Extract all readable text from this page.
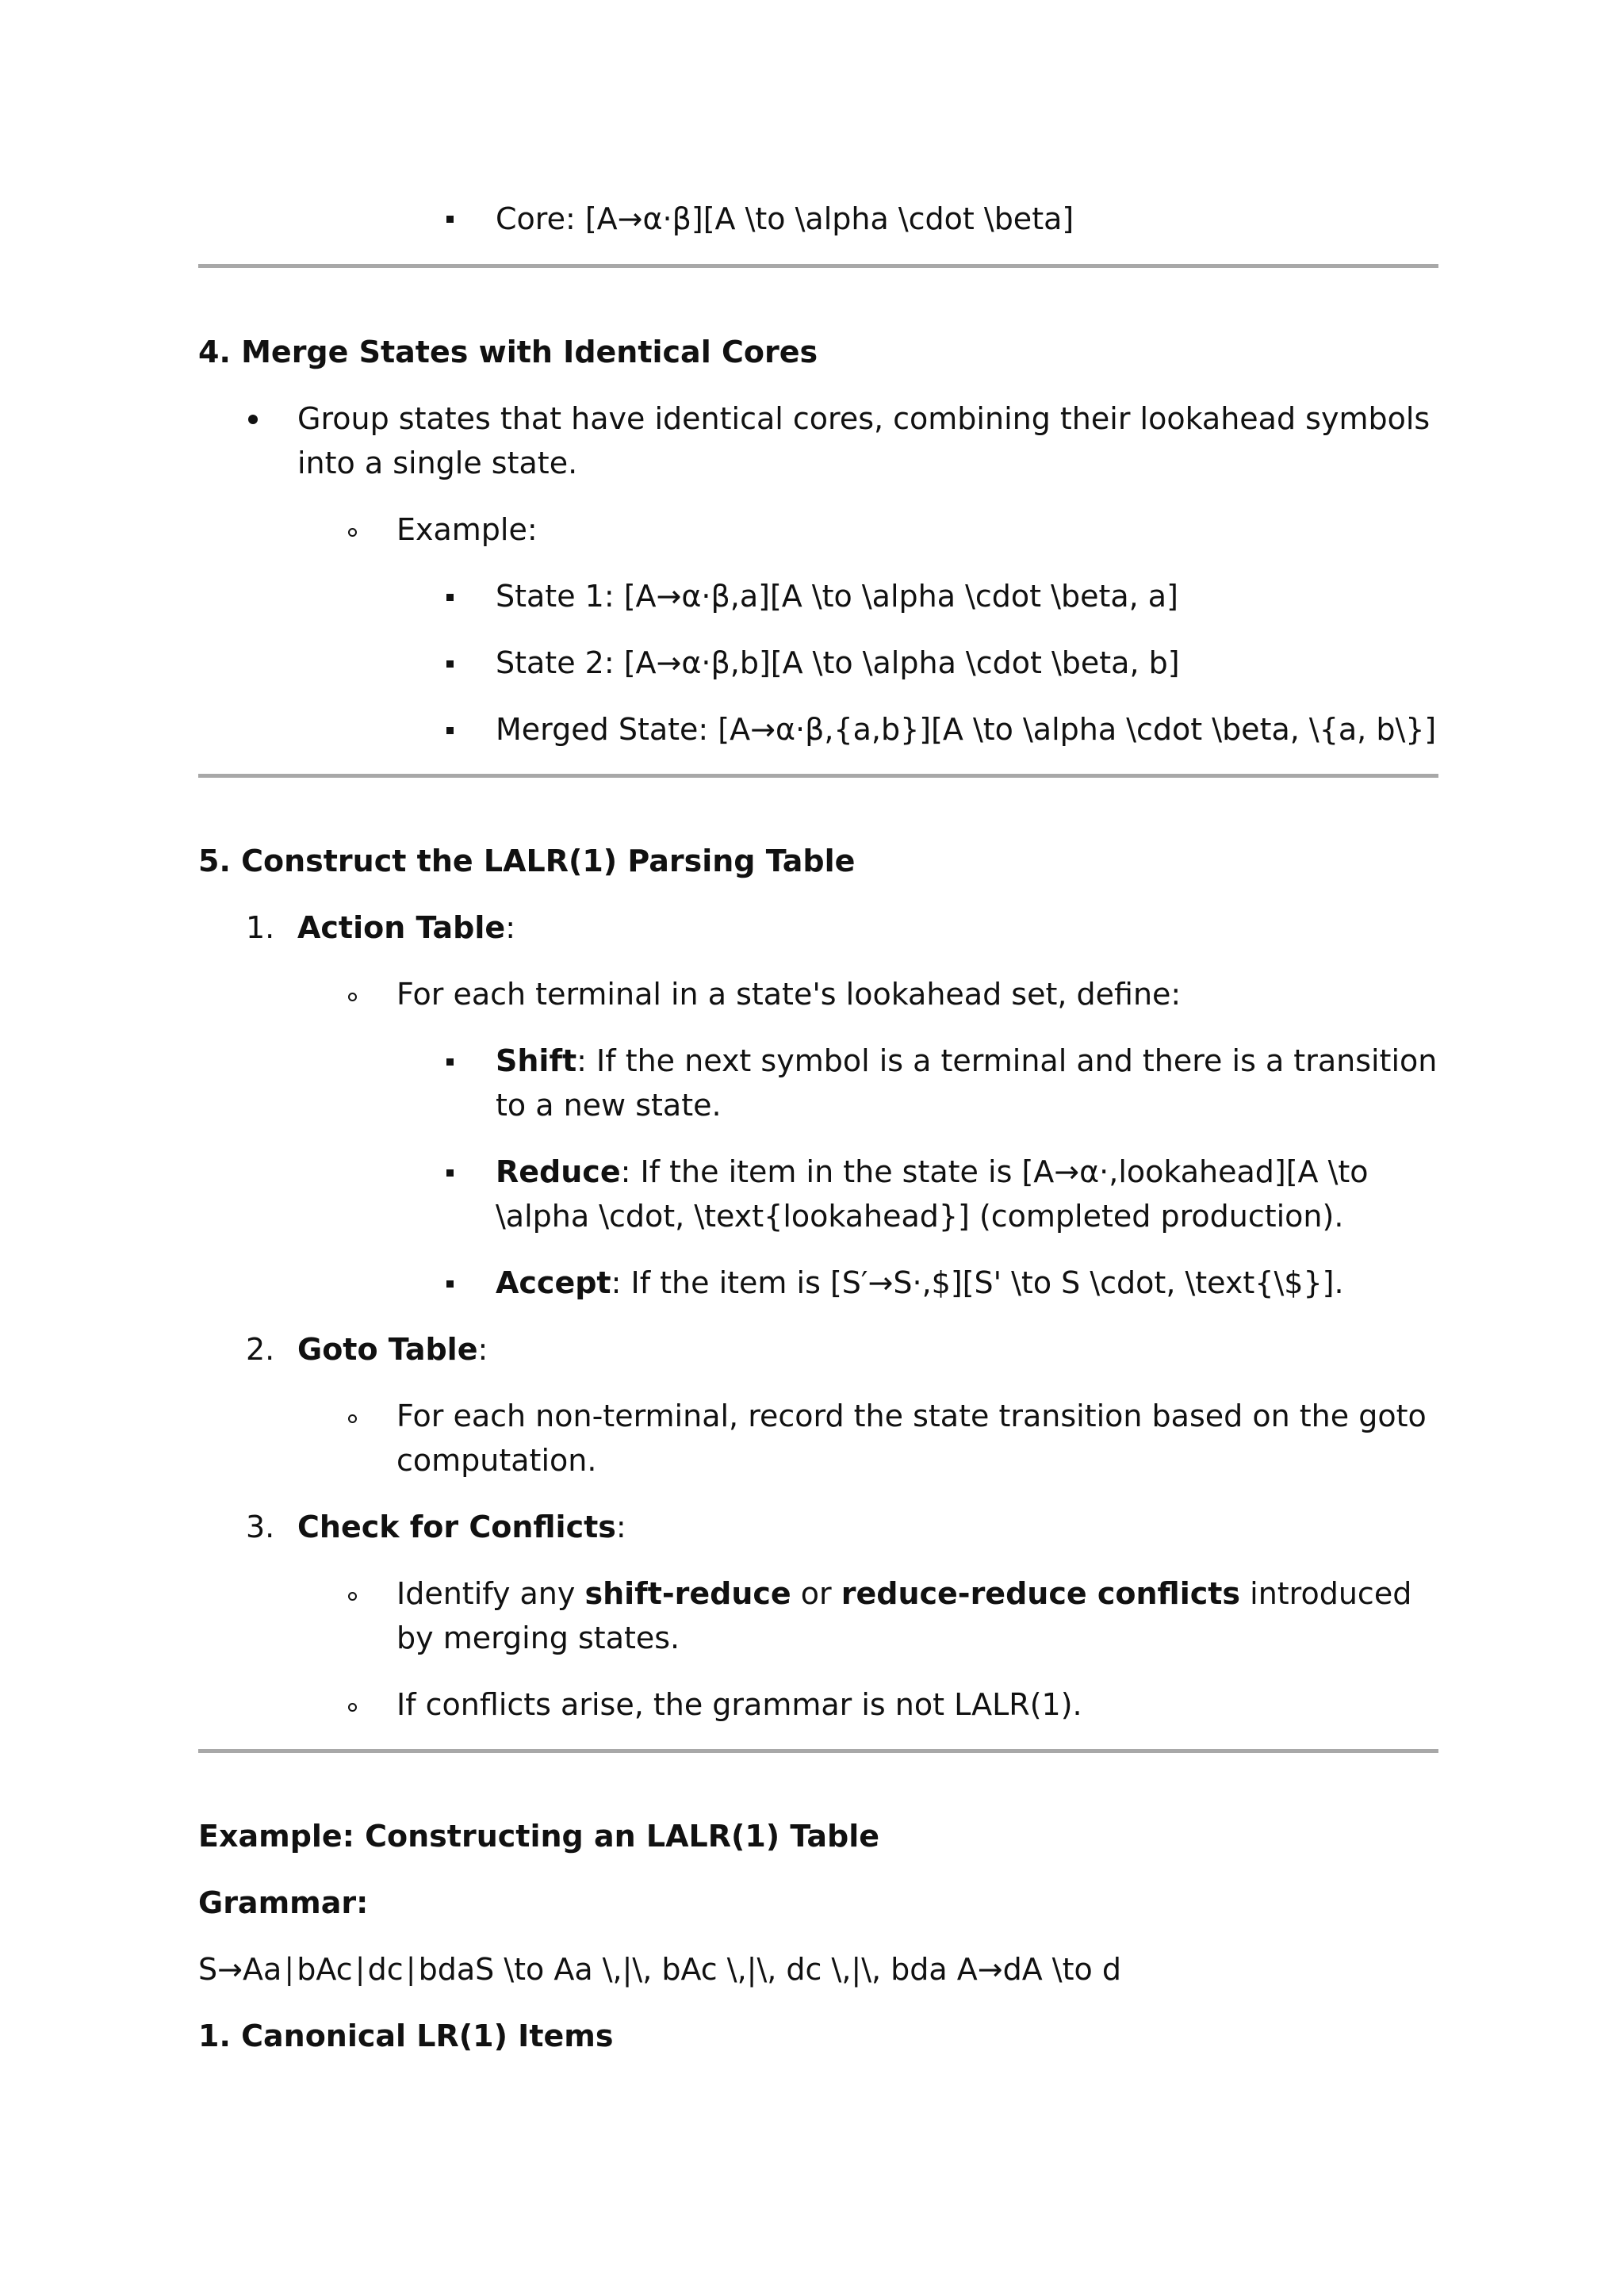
Core: [A→α·β][A \to \alpha \cdot \beta]
4. Merge States with Identical Cores
Group states that have identical cores, combining their lookahead symbols into a single state.
Example:
State 1: [A→α·β,a][A \to \alpha \cdot \beta, a]
State 2: [A→α·β,b][A \to \alpha \cdot \beta, b]
Merged State: [A→α·β,{a,b}][A \to \alpha \cdot \beta, \{a, b\}]
5. Construct the LALR(1) Parsing Table
1. Action Table:
For each terminal in a state's lookahead set, define:
Shift: If the next symbol is a terminal and there is a transition to a new state.
Reduce: If the item in the state is [A→α·,lookahead][A \to \alpha \cdot, \text{lookahead}] (completed production).
Accept: If the item is [S′→S·,$][S' \to S \cdot, \text{\$}].
2. Goto Table:
For each non-terminal, record the state transition based on the goto computation.
3. Check for Conflicts:
Identify any shift-reduce or reduce-reduce conflicts introduced by merging states.
If conflicts arise, the grammar is not LALR(1).
Example: Constructing an LALR(1) Table
Grammar:
S→Aa∣bAc∣dc∣bdaS \to Aa \,|\, bAc \,|\, dc \,|\, bda A→dA \to d
1. Canonical LR(1) Items
